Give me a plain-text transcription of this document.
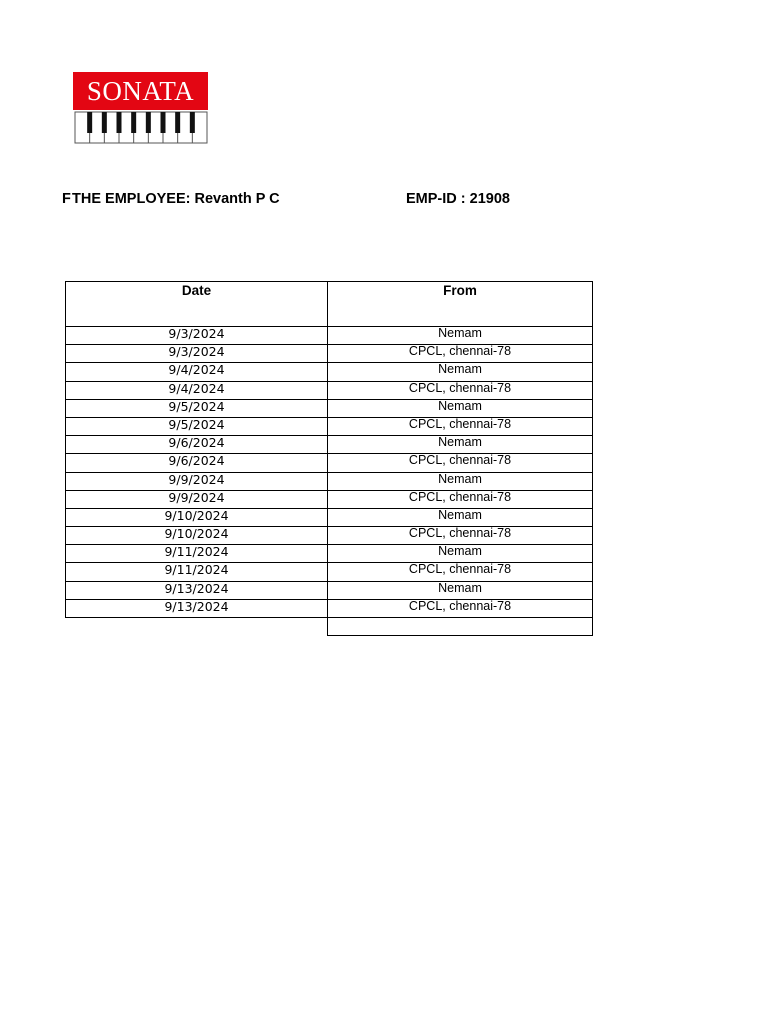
SONATA
F THE EMPLOYEE: Revanth P C	EMP-ID : 21908
Date	From
9/3/2024	Nemam
9/3/2024	CPCL, chennai-78
9/4/2024	Nemam
9/4/2024	CPCL, chennai-78
9/5/2024	Nemam
9/5/2024	CPCL, chennai-78
9/6/2024	Nemam
9/6/2024	CPCL, chennai-78
9/9/2024	Nemam
9/9/2024	CPCL, chennai-78
9/10/2024	Nemam
9/10/2024	CPCL, chennai-78
9/11/2024	Nemam
9/11/2024	CPCL, chennai-78
9/13/2024	Nemam
9/13/2024	CPCL, chennai-78
